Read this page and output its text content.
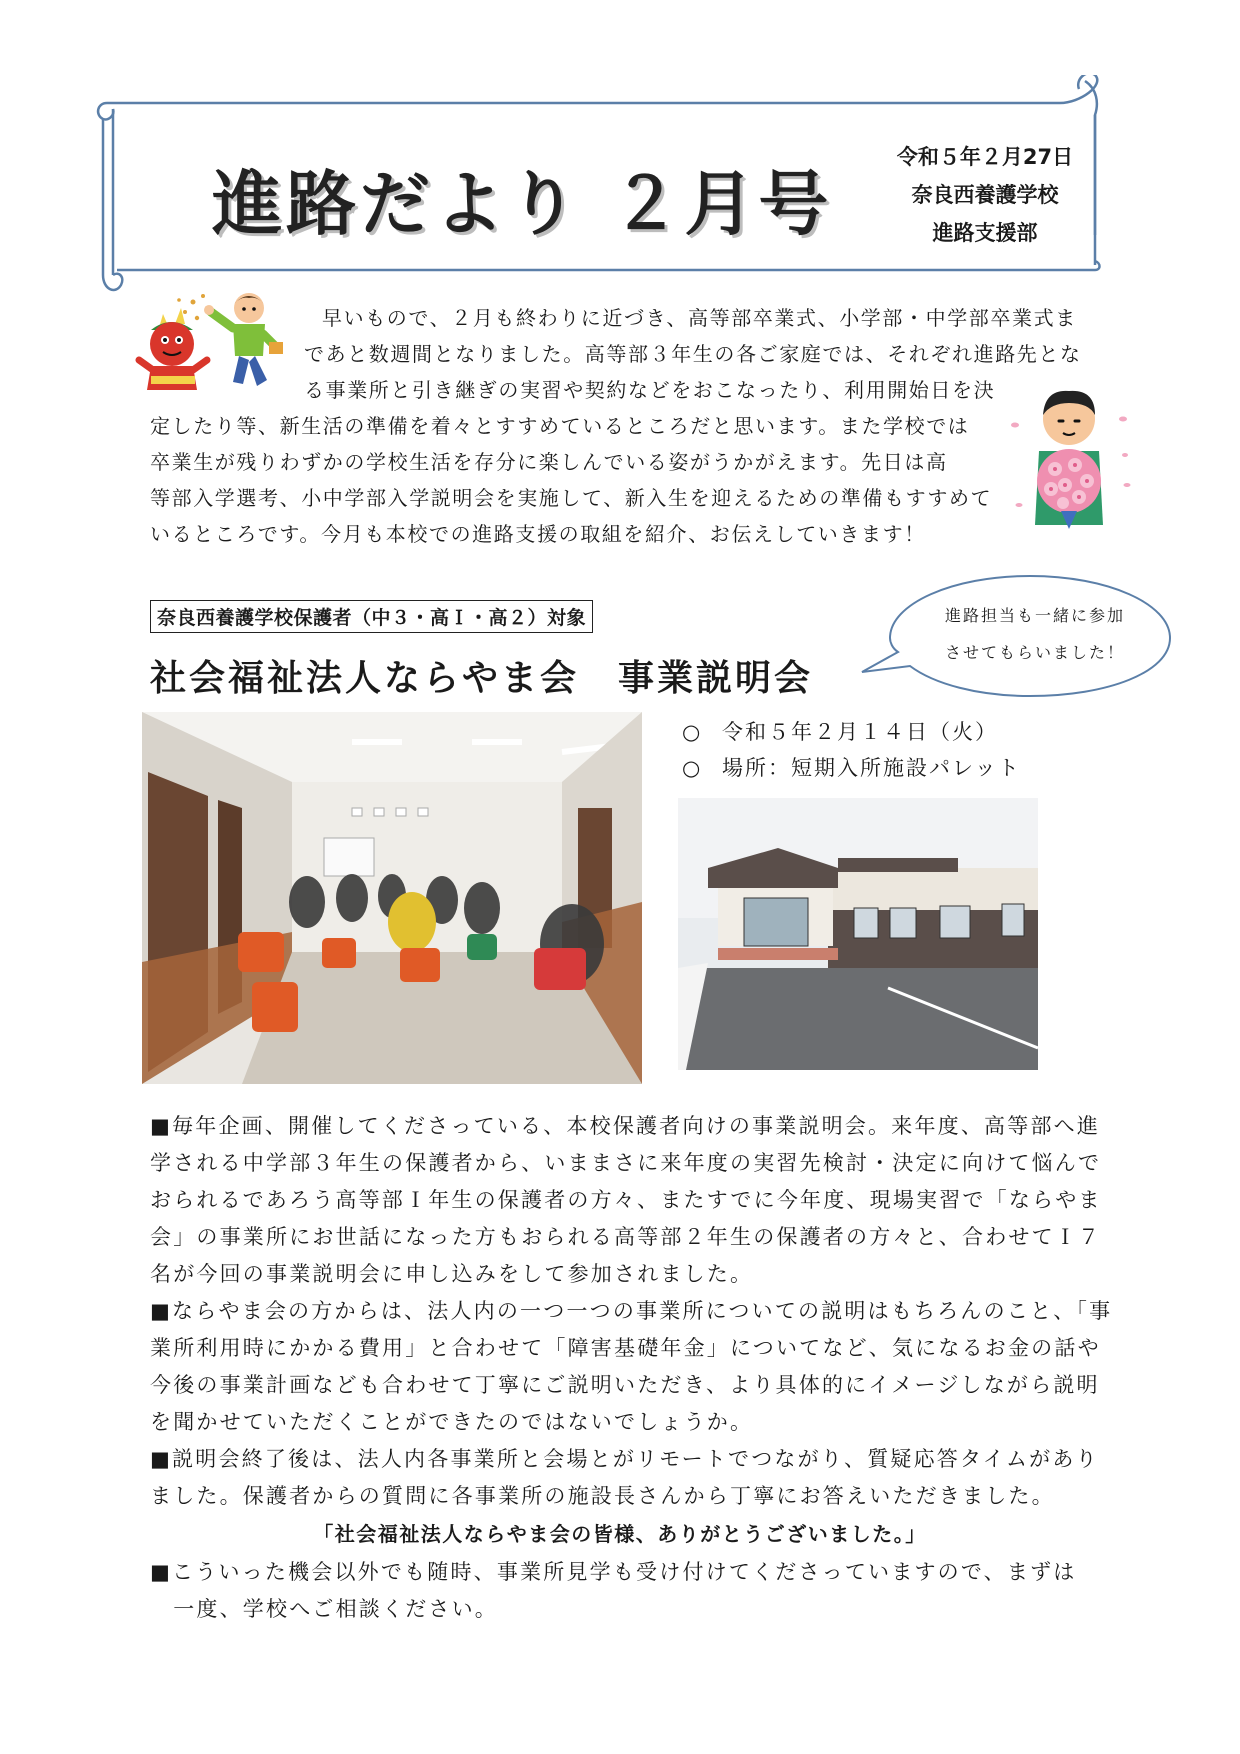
進路だより ２月号
令和５年２月27日
奈良西養護学校
進路支援部
早いもので、２月も終わりに近づき、高等部卒業式、小学部・中学部卒業式ま
であと数週間となりました。高等部３年生の各ご家庭では、それぞれ進路先とな
る事業所と引き継ぎの実習や契約などをおこなったり、利用開始日を決
定したり等、新生活の準備を着々とすすめているところだと思います。また学校では
卒業生が残りわずかの学校生活を存分に楽しんでいる姿がうかがえます。先日は高
等部入学選考、小中学部入学説明会を実施して、新入生を迎えるための準備もすすめて
いるところです。今月も本校での進路支援の取組を紹介、お伝えしていきます！
奈良西養護学校保護者（中３・高Ｉ・高２）対象
社会福祉法人ならやま会　事業説明会
進路担当も一緒に参加
させてもらいました！
○ 令和５年２月１４日（火）
○ 場所：短期入所施設パレット
■毎年企画、開催してくださっている、本校保護者向けの事業説明会。来年度、高等部へ進
学される中学部３年生の保護者から、いままさに来年度の実習先検討・決定に向けて悩んで
おられるであろう高等部Ｉ年生の保護者の方々、またすでに今年度、現場実習で「ならやま
会」の事業所にお世話になった方もおられる高等部２年生の保護者の方々と、合わせてＩ７
名が今回の事業説明会に申し込みをして参加されました。
■ならやま会の方からは、法人内の一つ一つの事業所についての説明はもちろんのこと、「事
業所利用時にかかる費用」と合わせて「障害基礎年金」についてなど、気になるお金の話や
今後の事業計画なども合わせて丁寧にご説明いただき、より具体的にイメージしながら説明
を聞かせていただくことができたのではないでしょうか。
■説明会終了後は、法人内各事業所と会場とがリモートでつながり、質疑応答タイムがあり
ました。保護者からの質問に各事業所の施設長さんから丁寧にお答えいただきました。
「社会福祉法人ならやま会の皆様、ありがとうございました。」
■こういった機会以外でも随時、事業所見学も受け付けてくださっていますので、まずは
　一度、学校へご相談ください。
